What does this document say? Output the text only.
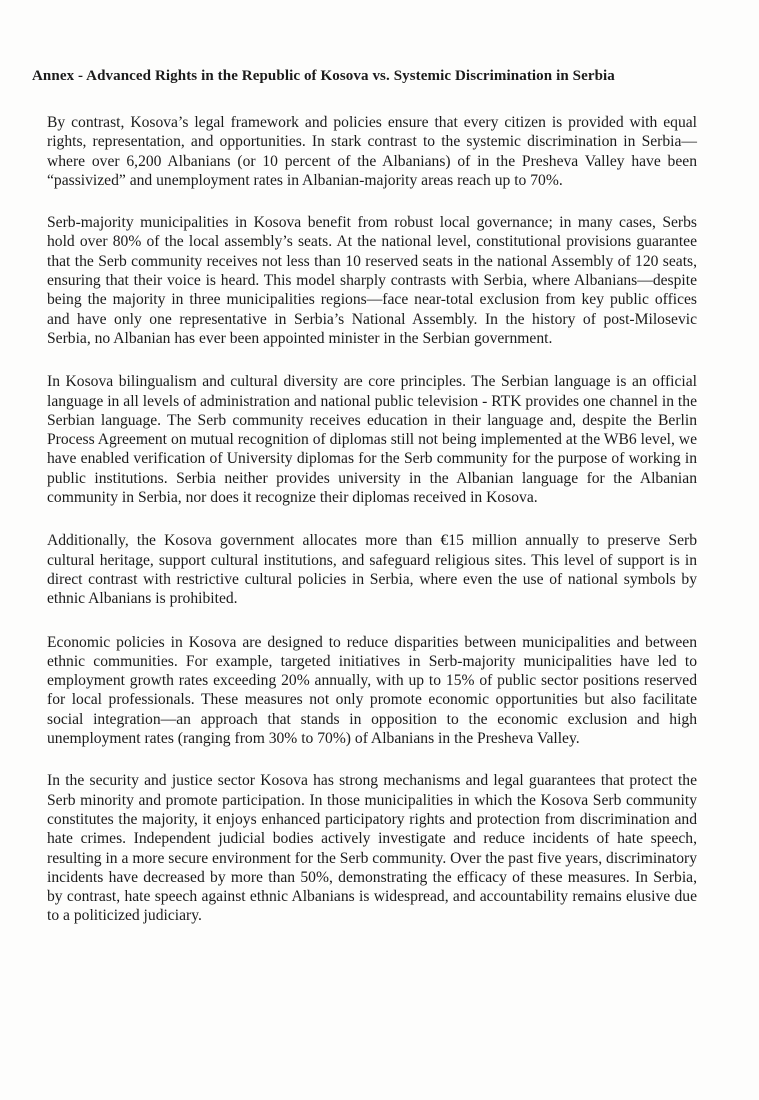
Annex - Advanced Rights in the Republic of Kosova vs. Systemic Discrimination in Serbia

By contrast, Kosova’s legal framework and policies ensure that every citizen is provided with equal rights, representation, and opportunities. In stark contrast to the systemic discrimination in Serbia—where over 6,200 Albanians (or 10 percent of the Albanians) of in the Presheva Valley have been “passivized” and unemployment rates in Albanian-majority areas reach up to 70%.

Serb-majority municipalities in Kosova benefit from robust local governance; in many cases, Serbs hold over 80% of the local assembly’s seats. At the national level, constitutional provisions guarantee that the Serb community receives not less than 10 reserved seats in the national Assembly of 120 seats, ensuring that their voice is heard. This model sharply contrasts with Serbia, where Albanians—despite being the majority in three municipalities regions—face near-total exclusion from key public offices and have only one representative in Serbia’s National Assembly. In the history of post-Milosevic Serbia, no Albanian has ever been appointed minister in the Serbian government.

In Kosova bilingualism and cultural diversity are core principles. The Serbian language is an official language in all levels of administration and national public television - RTK provides one channel in the Serbian language. The Serb community receives education in their language and, despite the Berlin Process Agreement on mutual recognition of diplomas still not being implemented at the WB6 level, we have enabled verification of University diplomas for the Serb community for the purpose of working in public institutions. Serbia neither provides university in the Albanian language for the Albanian community in Serbia, nor does it recognize their diplomas received in Kosova.

Additionally, the Kosova government allocates more than €15 million annually to preserve Serb cultural heritage, support cultural institutions, and safeguard religious sites. This level of support is in direct contrast with restrictive cultural policies in Serbia, where even the use of national symbols by ethnic Albanians is prohibited.

Economic policies in Kosova are designed to reduce disparities between municipalities and between ethnic communities. For example, targeted initiatives in Serb-majority municipalities have led to employment growth rates exceeding 20% annually, with up to 15% of public sector positions reserved for local professionals. These measures not only promote economic opportunities but also facilitate social integration—an approach that stands in opposition to the economic exclusion and high unemployment rates (ranging from 30% to 70%) of Albanians in the Presheva Valley.

In the security and justice sector Kosova has strong mechanisms and legal guarantees that protect the Serb minority and promote participation. In those municipalities in which the Kosova Serb community constitutes the majority, it enjoys enhanced participatory rights and protection from discrimination and hate crimes. Independent judicial bodies actively investigate and reduce incidents of hate speech, resulting in a more secure environment for the Serb community. Over the past five years, discriminatory incidents have decreased by more than 50%, demonstrating the efficacy of these measures. In Serbia, by contrast, hate speech against ethnic Albanians is widespread, and accountability remains elusive due to a politicized judiciary.
